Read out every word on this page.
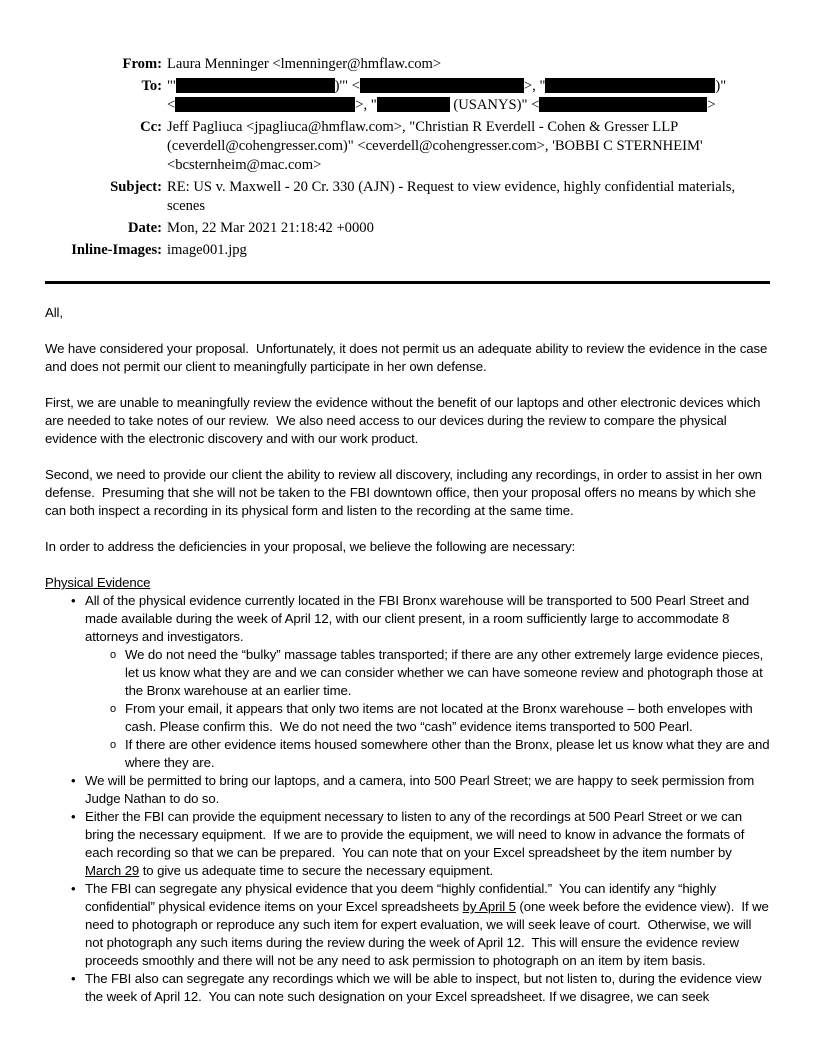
From: Laura Menninger <lmenninger@hmflaw.com>
To: "'	)'" <	>, "	)"
<	>, "	(USANYS)" <	>
Cc: Jeff Pagliuca <jpagliuca@hmflaw.com>, "Christian R Everdell - Cohen & Gresser LLP (ceverdell@cohengresser.com)" <ceverdell@cohengresser.com>, 'BOBBI C STERNHEIM' <bcsternheim@mac.com>
Subject: RE: US v. Maxwell - 20 Cr. 330 (AJN) - Request to view evidence, highly confidential materials, scenes
Date: Mon, 22 Mar 2021 21:18:42 +0000
Inline-Images: image001.jpg

All,

We have considered your proposal.  Unfortunately, it does not permit us an adequate ability to review the evidence in the case and does not permit our client to meaningfully participate in her own defense.

First, we are unable to meaningfully review the evidence without the benefit of our laptops and other electronic devices which are needed to take notes of our review.  We also need access to our devices during the review to compare the physical evidence with the electronic discovery and with our work product.

Second, we need to provide our client the ability to review all discovery, including any recordings, in order to assist in her own defense.  Presuming that she will not be taken to the FBI downtown office, then your proposal offers no means by which she can both inspect a recording in its physical form and listen to the recording at the same time.

In order to address the deficiencies in your proposal, we believe the following are necessary:

Physical Evidence

• All of the physical evidence currently located in the FBI Bronx warehouse will be transported to 500 Pearl Street and made available during the week of April 12, with our client present, in a room sufficiently large to accommodate 8 attorneys and investigators.
o We do not need the “bulky” massage tables transported; if there are any other extremely large evidence pieces, let us know what they are and we can consider whether we can have someone review and photograph those at the Bronx warehouse at an earlier time.
o From your email, it appears that only two items are not located at the Bronx warehouse – both envelopes with cash. Please confirm this.  We do not need the two “cash” evidence items transported to 500 Pearl.
o If there are other evidence items housed somewhere other than the Bronx, please let us know what they are and where they are.
• We will be permitted to bring our laptops, and a camera, into 500 Pearl Street; we are happy to seek permission from Judge Nathan to do so.
• Either the FBI can provide the equipment necessary to listen to any of the recordings at 500 Pearl Street or we can bring the necessary equipment.  If we are to provide the equipment, we will need to know in advance the formats of each recording so that we can be prepared.  You can note that on your Excel spreadsheet by the item number by March 29 to give us adequate time to secure the necessary equipment.
• The FBI can segregate any physical evidence that you deem “highly confidential.”  You can identify any “highly confidential” physical evidence items on your Excel spreadsheets by April 5 (one week before the evidence view).  If we need to photograph or reproduce any such item for expert evaluation, we will seek leave of court.  Otherwise, we will not photograph any such items during the review during the week of April 12.  This will ensure the evidence review proceeds smoothly and there will not be any need to ask permission to photograph on an item by item basis.
• The FBI also can segregate any recordings which we will be able to inspect, but not listen to, during the evidence view the week of April 12.  You can note such designation on your Excel spreadsheet. If we disagree, we can seek
